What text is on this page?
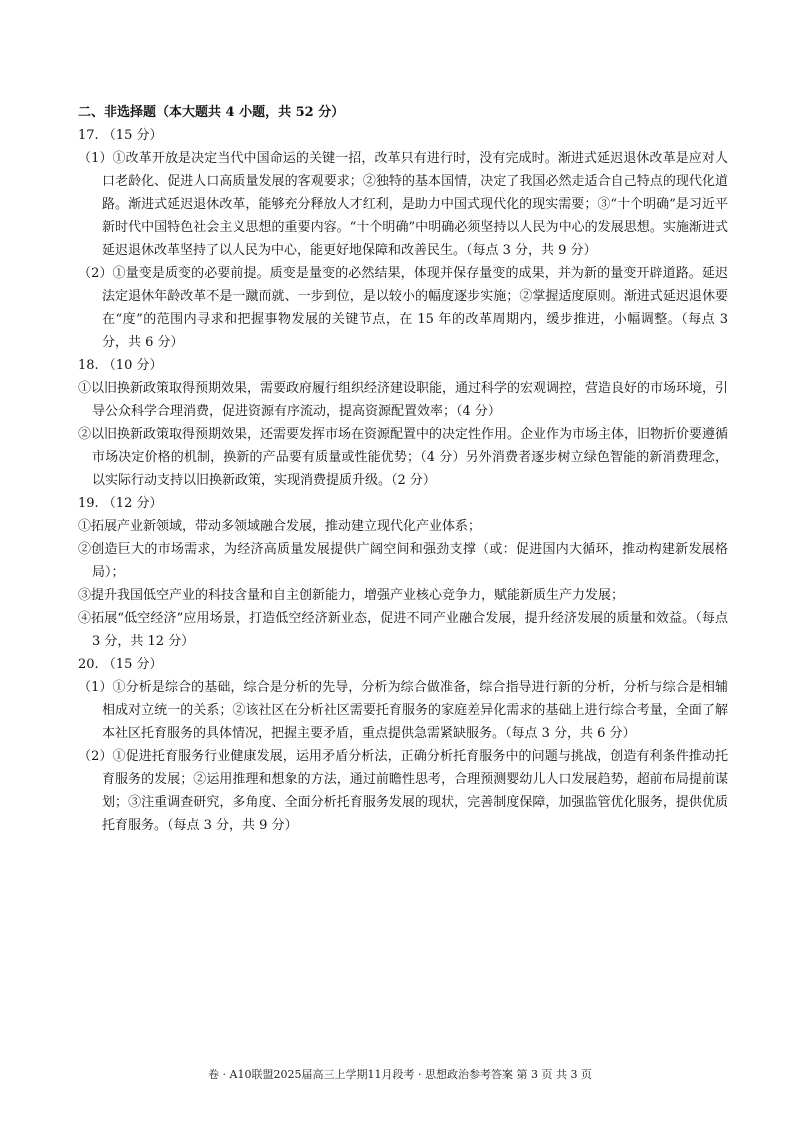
二、非选择题（本大题共 4 小题，共 52 分）

17. （15 分）

（1）①改革开放是决定当代中国命运的关键一招，改革只有进行时，没有完成时。渐进式延迟退休改革是应对人口老龄化、促进人口高质量发展的客观要求；②独特的基本国情，决定了我国必然走适合自己特点的现代化道路。渐进式延迟退休改革，能够充分释放人才红利，是助力中国式现代化的现实需要；③“十个明确”是习近平新时代中国特色社会主义思想的重要内容。“十个明确”中明确必须坚持以人民为中心的发展思想。实施渐进式延迟退休改革坚持了以人民为中心，能更好地保障和改善民生。（每点 3 分，共 9 分）

（2）①量变是质变的必要前提。质变是量变的必然结果，体现并保存量变的成果，并为新的量变开辟道路。延迟法定退休年龄改革不是一蹴而就、一步到位，是以较小的幅度逐步实施；②掌握适度原则。渐进式延迟退休要在“度”的范围内寻求和把握事物发展的关键节点，在 15 年的改革周期内，缓步推进，小幅调整。（每点 3 分，共 6 分）

18. （10 分）

①以旧换新政策取得预期效果，需要政府履行组织经济建设职能，通过科学的宏观调控，营造良好的市场环境，引导公众科学合理消费，促进资源有序流动，提高资源配置效率；（4 分）

②以旧换新政策取得预期效果，还需要发挥市场在资源配置中的决定性作用。企业作为市场主体，旧物折价要遵循市场决定价格的机制，换新的产品要有质量或性能优势；（4 分）另外消费者逐步树立绿色智能的新消费理念，以实际行动支持以旧换新政策，实现消费提质升级。（2 分）

19. （12 分）

①拓展产业新领域，带动多领域融合发展，推动建立现代化产业体系；

②创造巨大的市场需求，为经济高质量发展提供广阔空间和强劲支撑（或：促进国内大循环，推动构建新发展格局）；

③提升我国低空产业的科技含量和自主创新能力，增强产业核心竞争力，赋能新质生产力发展；

④拓展“低空经济”应用场景，打造低空经济新业态，促进不同产业融合发展，提升经济发展的质量和效益。（每点 3 分，共 12 分）

20. （15 分）

（1）①分析是综合的基础，综合是分析的先导，分析为综合做准备，综合指导进行新的分析，分析与综合是相辅相成对立统一的关系；②该社区在分析社区需要托育服务的家庭差异化需求的基础上进行综合考量，全面了解本社区托育服务的具体情况，把握主要矛盾，重点提供急需紧缺服务。（每点 3 分，共 6 分）

（2）①促进托育服务行业健康发展，运用矛盾分析法，正确分析托育服务中的问题与挑战，创造有利条件推动托育服务的发展；②运用推理和想象的方法，通过前瞻性思考，合理预测婴幼儿人口发展趋势，超前布局提前谋划；③注重调查研究，多角度、全面分析托育服务发展的现状，完善制度保障，加强监管优化服务，提供优质托育服务。（每点 3 分，共 9 分）

卷 · A10联盟2025届高三上学期11月段考 · 思想政治参考答案 第 3 页 共 3 页
